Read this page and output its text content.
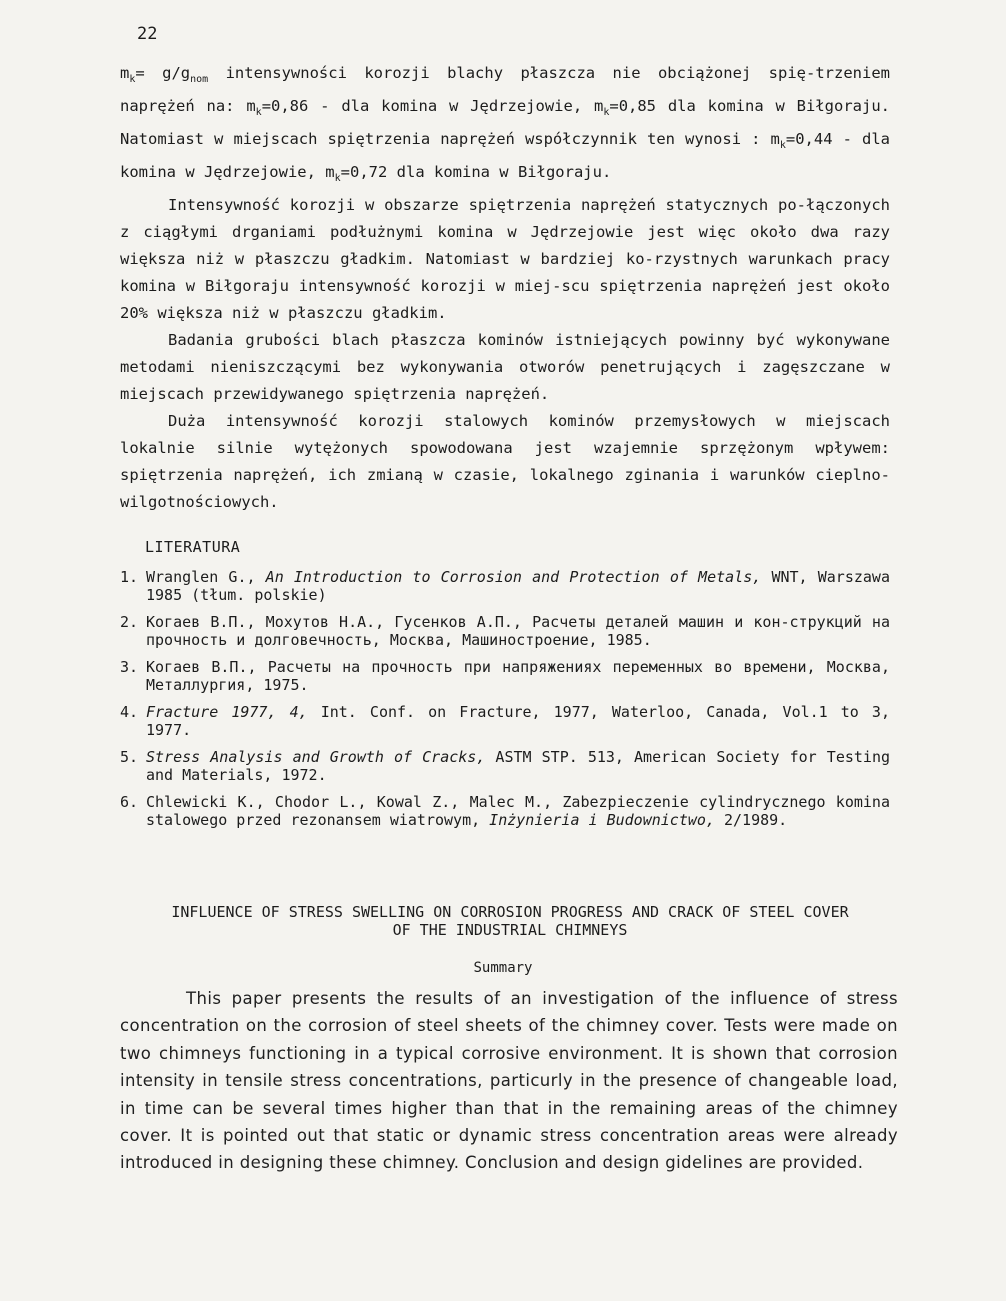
22

$m_k= g/g_{nom}$ intensywności korozji blachy płaszcza nie obciążonej spię-trzeniem naprężeń na: $m_k=0,86$ - dla komina w Jędrzejowie, $m_k=0,85$ dla komina w Biłgoraju. Natomiast w miejscach spiętrzenia naprężeń współczynnik ten wynosi : $m_k=0,44$ - dla komina w Jędrzejowie, $m_k=0,72$ dla komina w Biłgoraju.

Intensywność korozji w obszarze spiętrzenia naprężeń statycznych po-łączonych z ciągłymi drganiami podłużnymi komina w Jędrzejowie jest więc około dwa razy większa niż w płaszczu gładkim. Natomiast w bardziej ko-rzystnych warunkach pracy komina w Biłgoraju intensywność korozji w miej-scu spiętrzenia naprężeń jest około 20% większa niż w płaszczu gładkim.

Badania grubości blach płaszcza kominów istniejących powinny być wykonywane metodami nieniszczącymi bez wykonywania otworów penetrujących i zagęszczane w miejscach przewidywanego spiętrzenia naprężeń.

Duża intensywność korozji stalowych kominów przemysłowych w miejscach lokalnie silnie wytężonych spowodowana jest wzajemnie sprzężonym wpływem: spiętrzenia naprężeń, ich zmianą w czasie, lokalnego zginania i warunków cieplno-wilgotnościowych.

LITERATURA
1. Wranglen G., An Introduction to Corrosion and Protection of Metals, WNT, Warszawa 1985 (tłum. polskie)
2. Когаев В.П., Мохутов Н.А., Гусенков А.П., Расчеты деталей машин и кон-струкций на прочность и долговечность, Москва, Машиностроение, 1985.
3. Когаев В.П., Расчеты на прочность при напряжениях переменных во времени, Москва, Металлургия, 1975.
4. Fracture 1977, 4, Int. Conf. on Fracture, 1977, Waterloo, Canada, Vol.1 to 3, 1977.
5. Stress Analysis and Growth of Cracks, ASTM STP. 513, American Society for Testing and Materials, 1972.
6. Chlewicki K., Chodor L., Kowal Z., Malec M., Zabezpieczenie cylindrycznego komina stalowego przed rezonansem wiatrowym, Inżynieria i Budownictwo, 2/1989.
INFLUENCE OF STRESS SWELLING ON CORROSION PROGRESS AND CRACK OF STEEL COVER OF THE INDUSTRIAL CHIMNEYS
Summary

This paper presents the results of an investigation of the influence of stress concentration on the corrosion of steel sheets of the chimney cover. Tests were made on two chimneys functioning in a typical corrosive environment. It is shown that corrosion intensity in tensile stress concentrations, particurly in the presence of changeable load, in time can be several times higher than that in the remaining areas of the chimney cover. It is pointed out that static or dynamic stress concentration areas were already introduced in designing these chimney. Conclusion and design gidelines are provided.
